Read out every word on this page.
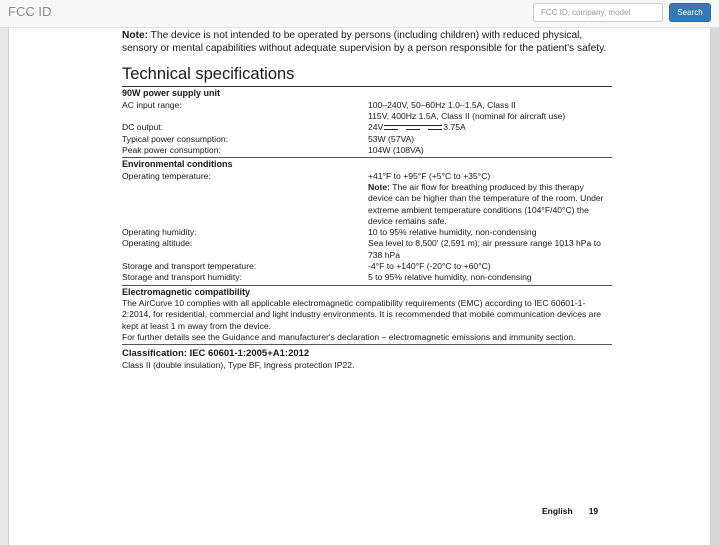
FCC ID
FCC ID, company, model	Search

Note: The device is not intended to be operated by persons (including children) with reduced physical, sensory or mental capabilities without adequate supervision by a person responsible for the patient's safety.

Technical specifications
90W power supply unit
AC input range:	100–240V, 50–60Hz 1.0–1.5A, Class II
115V, 400Hz 1.5A, Class II (nominal for aircraft use)
DC output:	24V	3.75A
Typical power consumption:	53W (57VA)
Peak power consumption:	104W (108VA)
Environmental conditions
Operating temperature:	+41°F to +95°F (+5°C to +35°C)
Note: The air flow for breathing produced by this therapy device can be higher than the temperature of the room. Under extreme ambient temperature conditions (104°F/40°C) the device remains safe.
Operating humidity:	10 to 95% relative humidity, non-condensing
Operating altitude:	Sea level to 8,500' (2,591 m); air pressure range 1013 hPa to 738 hPa
Storage and transport temperature:	-4°F to +140°F (-20°C to +60°C)
Storage and transport humidity:	5 to 95% relative humidity, non-condensing
Electromagnetic compatibility

The AirCurve 10 complies with all applicable electromagnetic compatibility requirements (EMC) according to IEC 60601-1-2:2014, for residential, commercial and light industry environments. It is recommended that mobile communication devices are kept at least 1 m away from the device.

For further details see the Guidance and manufacturer's declaration – electromagnetic emissions and immunity section.

Classification: IEC 60601-1:2005+A1:2012

Class II (double insulation), Type BF, Ingress protection IP22.

English 19
